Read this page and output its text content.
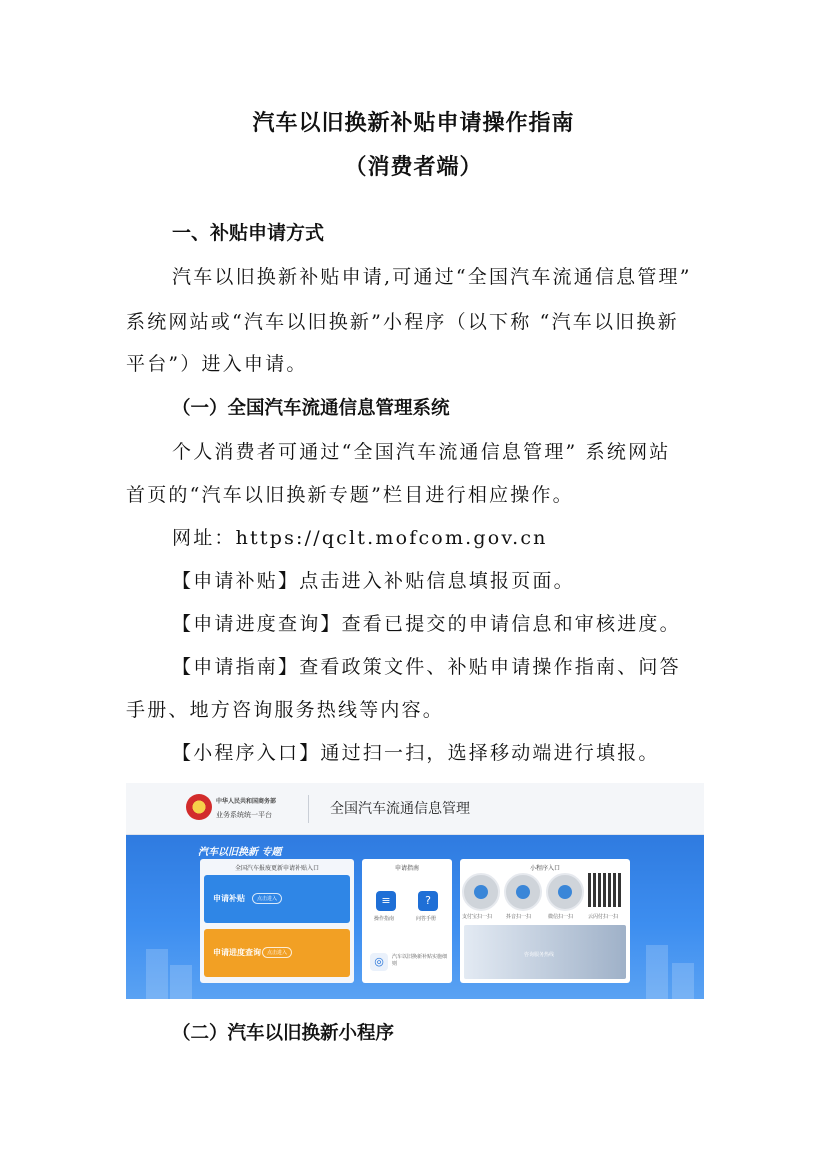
汽车以旧换新补贴申请操作指南
（消费者端）
一、补贴申请方式
汽车以旧换新补贴申请,可通过“全国汽车流通信息管理”
系统网站或“汽车以旧换新”小程序（以下称 “汽车以旧换新
平台”）进入申请。
（一）全国汽车流通信息管理系统
个人消费者可通过“全国汽车流通信息管理” 系统网站
首页的“汽车以旧换新专题”栏目进行相应操作。
网址：https://qclt.mofcom.gov.cn
【申请补贴】点击进入补贴信息填报页面。
【申请进度查询】查看已提交的申请信息和审核进度。
【申请指南】查看政策文件、补贴申请操作指南、问答
手册、地方咨询服务热线等内容。
【小程序入口】通过扫一扫，选择移动端进行填报。
中华人民共和国商务部
业务系统统一平台	全国汽车流通信息管理
汽车以旧换新 专题
全国汽车报废更新申请补贴入口
申请补贴	点击进入
申请进度查询	点击进入
申请指南
≡	?
操作指南	问答手册
◎	汽车以旧换新补贴实施细则
小程序入口
支付宝扫一扫	抖音扫一扫	微信扫一扫	云闪付扫一扫
咨询服务热线
（二）汽车以旧换新小程序
